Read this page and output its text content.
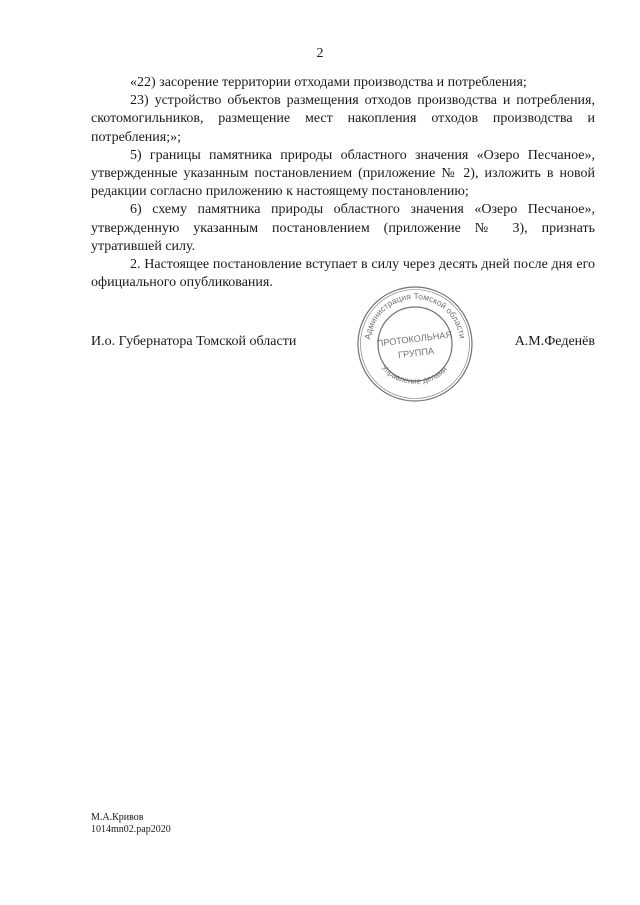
2

«22) засорение территории отходами производства и потребления;

23) устройство объектов размещения отходов производства и потребления, скотомогильников, размещение мест накопления отходов производства и потребления;»;

5) границы памятника природы областного значения «Озеро Песчаное», утвержденные указанным постановлением (приложение № 2), изложить в новой редакции согласно приложению к настоящему постановлению;

6) схему памятника природы областного значения «Озеро Песчаное», утвержденную указанным постановлением (приложение № 3), признать утратившей силу.

2. Настоящее постановление вступает в силу через десять дней после дня его официального опубликования.

И.о. Губернатора Томской области	А.М.Феденёв
Администрация Томской области
Управление делами
ПРОТОКОЛЬНАЯ
ГРУППА
М.А.Кривов
1014mn02.pap2020
